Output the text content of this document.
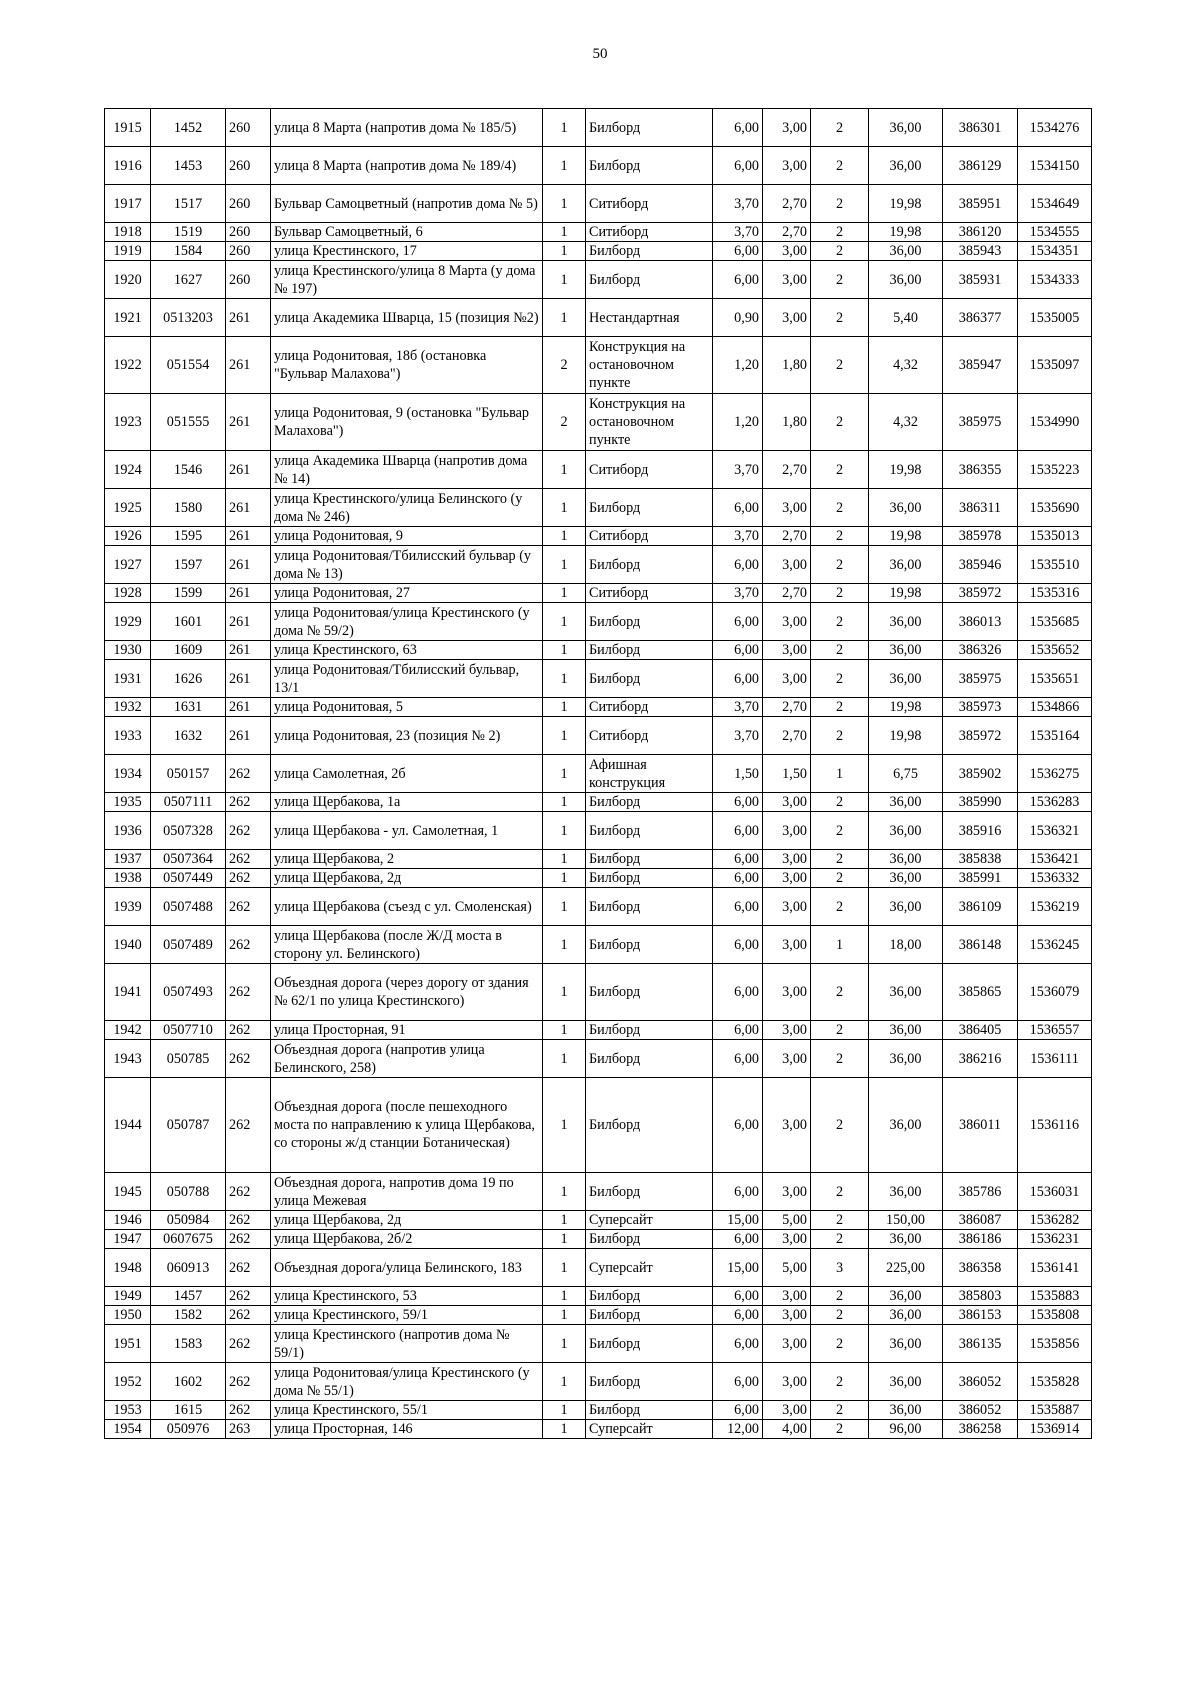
50
1915	1452	260	улица 8 Марта (напротив дома № 185/5)	1	Билборд	6,00	3,00	2	36,00	386301	1534276
1916	1453	260	улица 8 Марта (напротив дома № 189/4)	1	Билборд	6,00	3,00	2	36,00	386129	1534150
1917	1517	260	Бульвар Самоцветный (напротив дома № 5)	1	Ситиборд	3,70	2,70	2	19,98	385951	1534649
1918	1519	260	Бульвар Самоцветный, 6	1	Ситиборд	3,70	2,70	2	19,98	386120	1534555
1919	1584	260	улица Крестинского, 17	1	Билборд	6,00	3,00	2	36,00	385943	1534351
1920	1627	260	улица Крестинского/улица 8 Марта (у дома № 197)	1	Билборд	6,00	3,00	2	36,00	385931	1534333
1921	0513203	261	улица Академика Шварца, 15 (позиция №2)	1	Нестандартная	0,90	3,00	2	5,40	386377	1535005
1922	051554	261	улица Родонитовая, 18б (остановка "Бульвар Малахова")	2	Конструкция на остановочном пункте	1,20	1,80	2	4,32	385947	1535097
1923	051555	261	улица Родонитовая, 9 (остановка "Бульвар Малахова")	2	Конструкция на остановочном пункте	1,20	1,80	2	4,32	385975	1534990
1924	1546	261	улица Академика Шварца (напротив дома № 14)	1	Ситиборд	3,70	2,70	2	19,98	386355	1535223
1925	1580	261	улица Крестинского/улица Белинского (у дома № 246)	1	Билборд	6,00	3,00	2	36,00	386311	1535690
1926	1595	261	улица Родонитовая, 9	1	Ситиборд	3,70	2,70	2	19,98	385978	1535013
1927	1597	261	улица Родонитовая/Тбилисский бульвар (у дома № 13)	1	Билборд	6,00	3,00	2	36,00	385946	1535510
1928	1599	261	улица Родонитовая, 27	1	Ситиборд	3,70	2,70	2	19,98	385972	1535316
1929	1601	261	улица Родонитовая/улица Крестинского (у дома № 59/2)	1	Билборд	6,00	3,00	2	36,00	386013	1535685
1930	1609	261	улица Крестинского, 63	1	Билборд	6,00	3,00	2	36,00	386326	1535652
1931	1626	261	улица Родонитовая/Тбилисский бульвар, 13/1	1	Билборд	6,00	3,00	2	36,00	385975	1535651
1932	1631	261	улица Родонитовая, 5	1	Ситиборд	3,70	2,70	2	19,98	385973	1534866
1933	1632	261	улица Родонитовая, 23 (позиция № 2)	1	Ситиборд	3,70	2,70	2	19,98	385972	1535164
1934	050157	262	улица Самолетная, 2б	1	Афишная конструкция	1,50	1,50	1	6,75	385902	1536275
1935	0507111	262	улица Щербакова, 1а	1	Билборд	6,00	3,00	2	36,00	385990	1536283
1936	0507328	262	улица Щербакова - ул. Самолетная, 1	1	Билборд	6,00	3,00	2	36,00	385916	1536321
1937	0507364	262	улица Щербакова, 2	1	Билборд	6,00	3,00	2	36,00	385838	1536421
1938	0507449	262	улица Щербакова, 2д	1	Билборд	6,00	3,00	2	36,00	385991	1536332
1939	0507488	262	улица Щербакова (съезд с ул. Смоленская)	1	Билборд	6,00	3,00	2	36,00	386109	1536219
1940	0507489	262	улица Щербакова (после Ж/Д моста в сторону ул. Белинского)	1	Билборд	6,00	3,00	1	18,00	386148	1536245
1941	0507493	262	Объездная дорога (через дорогу от здания № 62/1 по улица Крестинского)	1	Билборд	6,00	3,00	2	36,00	385865	1536079
1942	0507710	262	улица Просторная, 91	1	Билборд	6,00	3,00	2	36,00	386405	1536557
1943	050785	262	Объездная дорога (напротив улица Белинского, 258)	1	Билборд	6,00	3,00	2	36,00	386216	1536111
1944	050787	262	Объездная дорога (после пешеходного моста по направлению к улица Щербакова, со стороны ж/д станции Ботаническая)	1	Билборд	6,00	3,00	2	36,00	386011	1536116
1945	050788	262	Объездная дорога, напротив дома 19 по улица Межевая	1	Билборд	6,00	3,00	2	36,00	385786	1536031
1946	050984	262	улица Щербакова, 2д	1	Суперсайт	15,00	5,00	2	150,00	386087	1536282
1947	0607675	262	улица Щербакова, 2б/2	1	Билборд	6,00	3,00	2	36,00	386186	1536231
1948	060913	262	Объездная дорога/улица Белинского, 183	1	Суперсайт	15,00	5,00	3	225,00	386358	1536141
1949	1457	262	улица Крестинского, 53	1	Билборд	6,00	3,00	2	36,00	385803	1535883
1950	1582	262	улица Крестинского, 59/1	1	Билборд	6,00	3,00	2	36,00	386153	1535808
1951	1583	262	улица Крестинского (напротив дома № 59/1)	1	Билборд	6,00	3,00	2	36,00	386135	1535856
1952	1602	262	улица Родонитовая/улица Крестинского (у дома № 55/1)	1	Билборд	6,00	3,00	2	36,00	386052	1535828
1953	1615	262	улица Крестинского, 55/1	1	Билборд	6,00	3,00	2	36,00	386052	1535887
1954	050976	263	улица Просторная, 146	1	Суперсайт	12,00	4,00	2	96,00	386258	1536914
